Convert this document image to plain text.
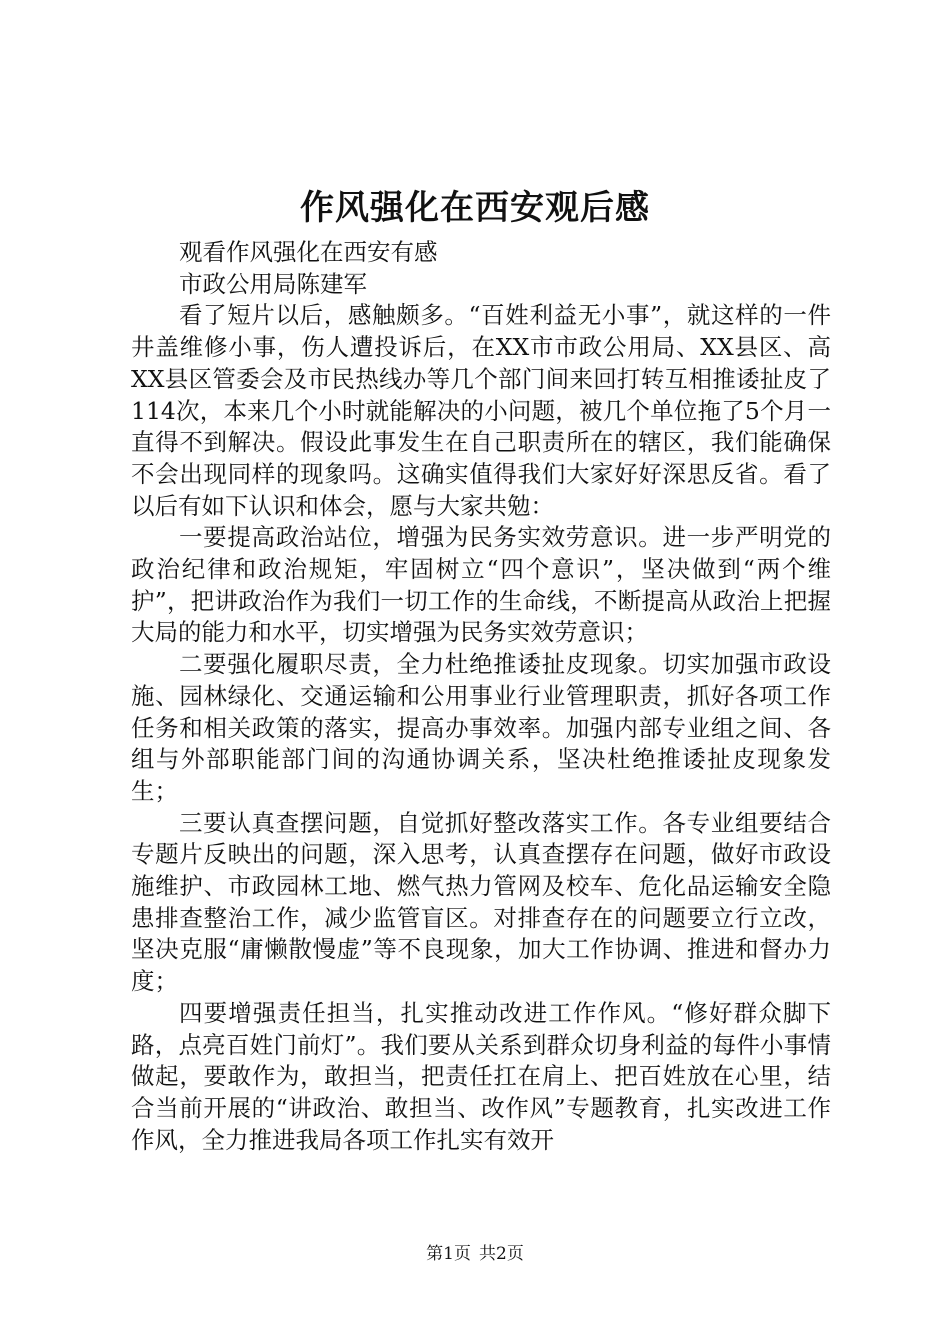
作风强化在西安观后感

观看作风强化在西安有感

市政公用局陈建军

看了短片以后，感触颇多。“百姓利益无小事”，就这样的一件井盖维修小事，伤人遭投诉后，在XX市市政公用局、XX县区、高XX县区管委会及市民热线办等几个部门间来回打转互相推诿扯皮了114次，本来几个小时就能解决的小问题，被几个单位拖了5个月一直得不到解决。假设此事发生在自己职责所在的辖区，我们能确保不会出现同样的现象吗。这确实值得我们大家好好深思反省。看了以后有如下认识和体会，愿与大家共勉：

一要提高政治站位，增强为民务实效劳意识。进一步严明党的政治纪律和政治规矩，牢固树立“四个意识”，坚决做到“两个维护”，把讲政治作为我们一切工作的生命线，不断提高从政治上把握大局的能力和水平，切实增强为民务实效劳意识；

二要强化履职尽责，全力杜绝推诿扯皮现象。切实加强市政设施、园林绿化、交通运输和公用事业行业管理职责，抓好各项工作任务和相关政策的落实，提高办事效率。加强内部专业组之间、各组与外部职能部门间的沟通协调关系，坚决杜绝推诿扯皮现象发生；

三要认真查摆问题，自觉抓好整改落实工作。各专业组要结合专题片反映出的问题，深入思考，认真查摆存在问题，做好市政设施维护、市政园林工地、燃气热力管网及校车、危化品运输安全隐患排查整治工作，减少监管盲区。对排查存在的问题要立行立改，坚决克服“庸懒散慢虚”等不良现象，加大工作协调、推进和督办力度；

四要增强责任担当，扎实推动改进工作作风。“修好群众脚下路，点亮百姓门前灯”。我们要从关系到群众切身利益的每件小事情做起，要敢作为，敢担当，把责任扛在肩上、把百姓放在心里，结合当前开展的“讲政治、敢担当、改作风”专题教育，扎实改进工作作风，全力推进我局各项工作扎实有效开

第1页 共2页
